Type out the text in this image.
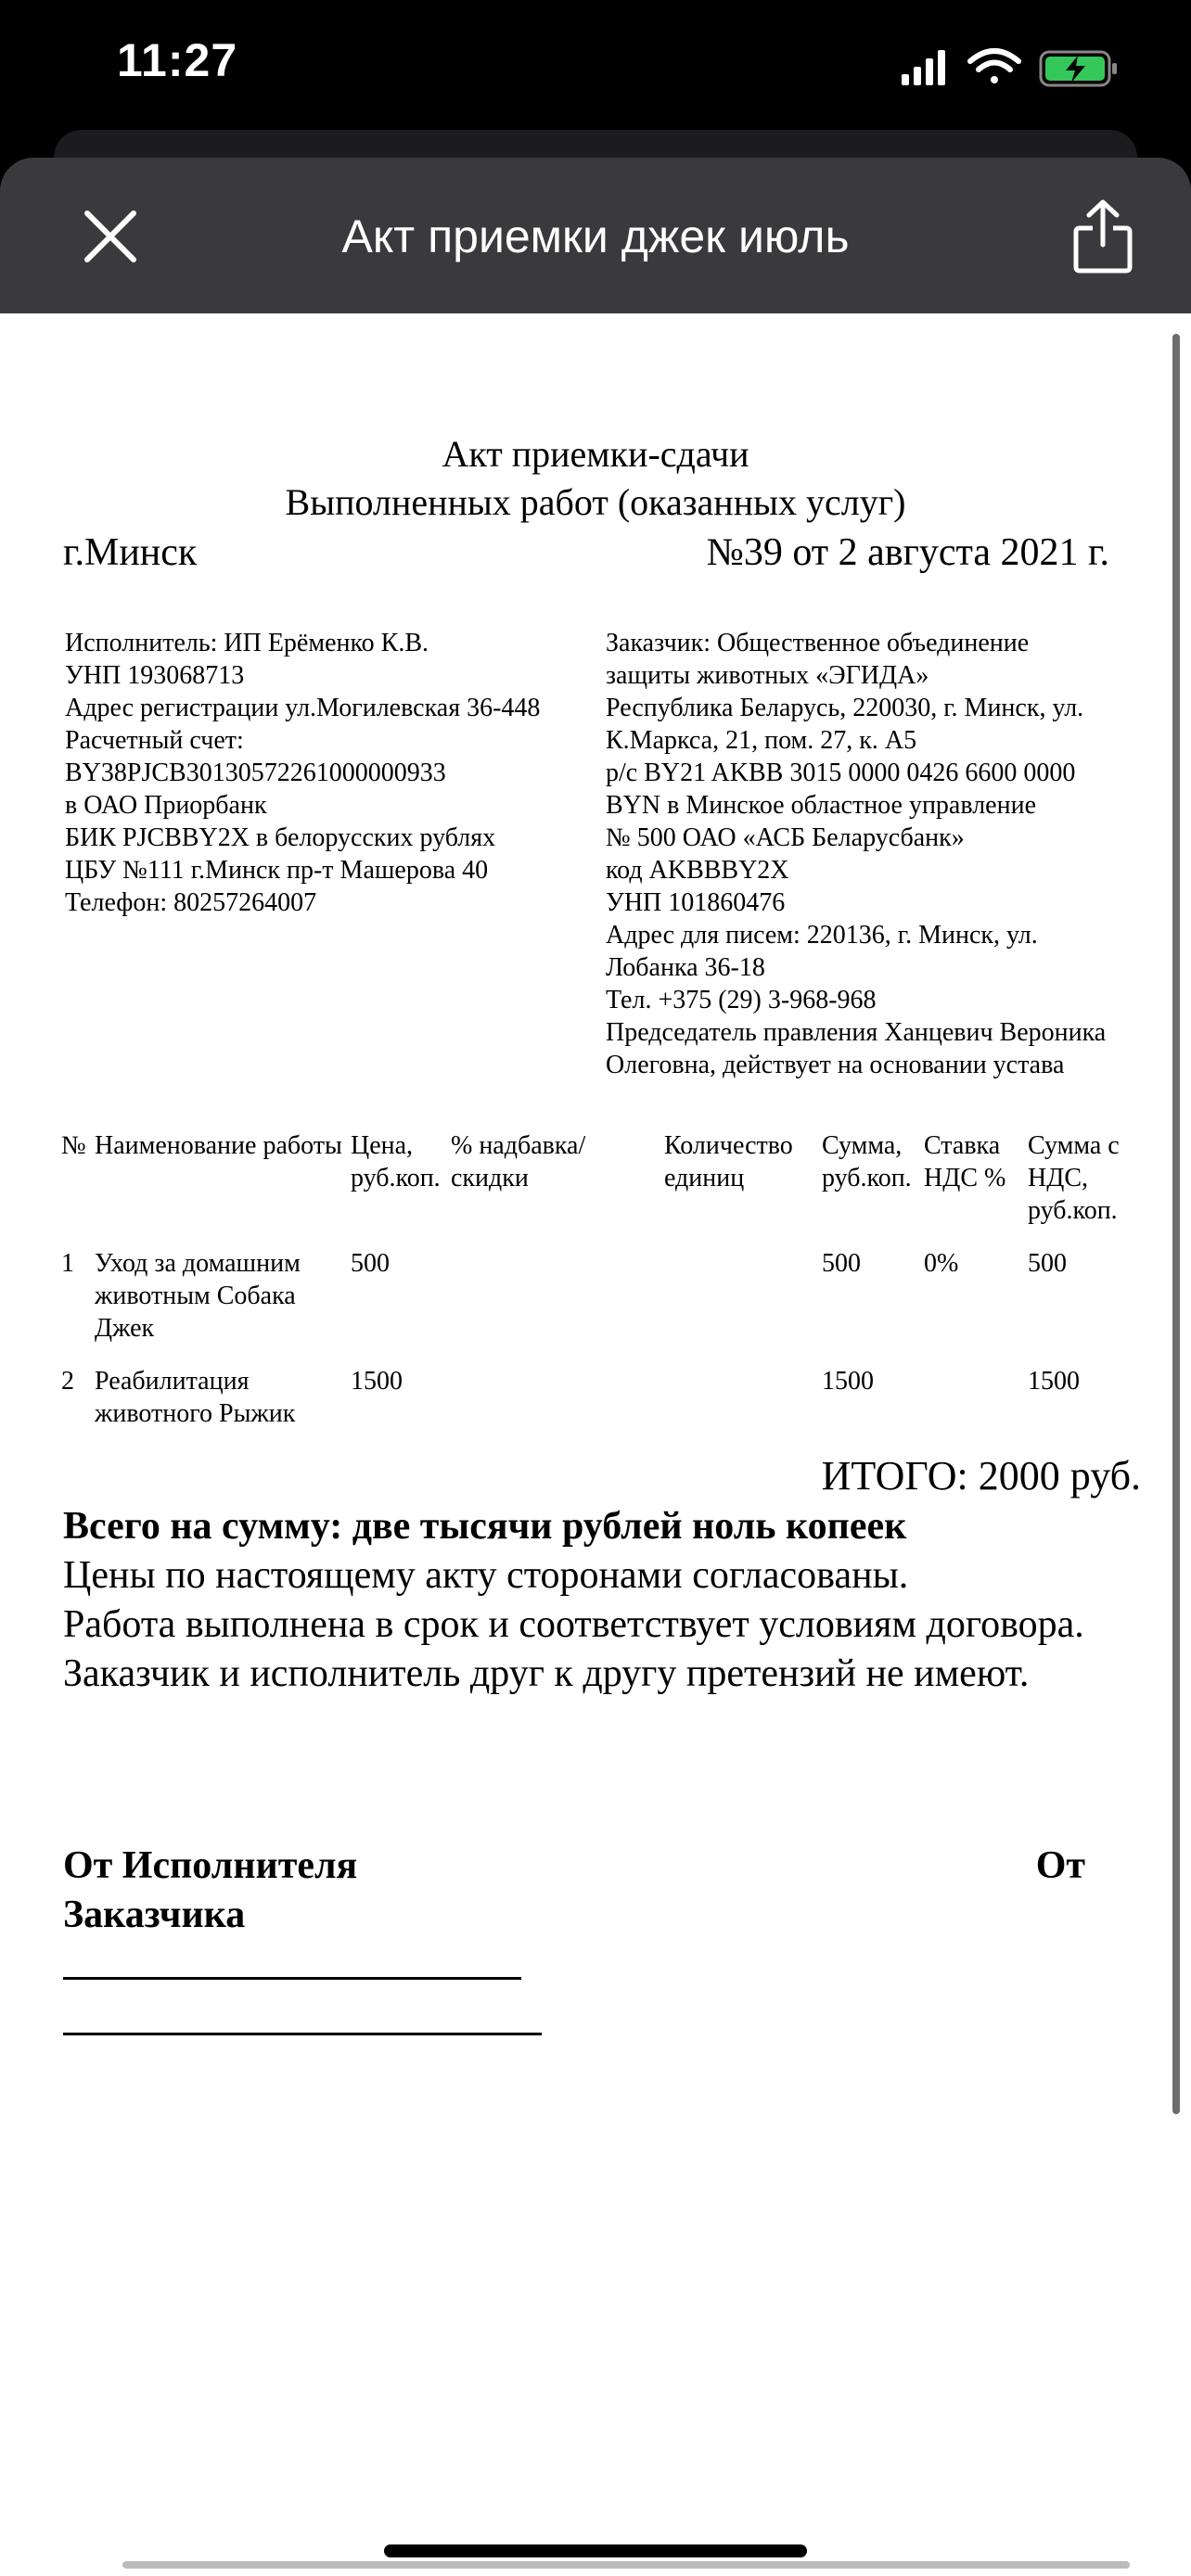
11:27
Акт приемки джек июль
Акт приемки-сдачи
Выполненных работ (оказанных услуг)
г.Минск	№39 от 2 августа 2021 г.
Исполнитель: ИП Ерёменко К.В.
УНП 193068713
Адрес регистрации ул.Могилевская 36-448
Расчетный счет:
BY38PJCB30130572261000000933
в ОАО Приорбанк
БИК PJCBBY2X в белорусских рублях
ЦБУ №111 г.Минск пр-т Машерова 40
Телефон: 80257264007
Заказчик: Общественное объединение
защиты животных «ЭГИДА»
Республика Беларусь, 220030, г. Минск, ул.
К.Маркса, 21, пом. 27, к. А5
р/с BY21 AKBB 3015 0000 0426 6600 0000
BYN в Минское областное управление
№ 500 ОАО «АСБ Беларусбанк»
код AKBBBY2X
УНП 101860476
Адрес для писем: 220136, г. Минск, ул.
Лобанка 36-18
Тел. +375 (29) 3-968-968
Председатель правления Ханцевич Вероника
Олеговна, действует на основании устава
№	Наименование работы	Цена, руб.коп.	% надбавка/ скидки	Количество единиц	Сумма, руб.коп.	Ставка НДС %	Сумма с НДС, руб.коп.
1	Уход за домашним животным Собака Джек	500			500	0%	500
2	Реабилитация животного Рыжик	1500			1500		1500
ИТОГО: 2000 руб.
Всего на сумму: две тысячи рублей ноль копеек
Цены по настоящему акту сторонами согласованы.
Работа выполнена в срок и соответствует условиям договора.
Заказчик и исполнитель друг к другу претензий не имеют.
От Исполнителя	От
Заказчика
